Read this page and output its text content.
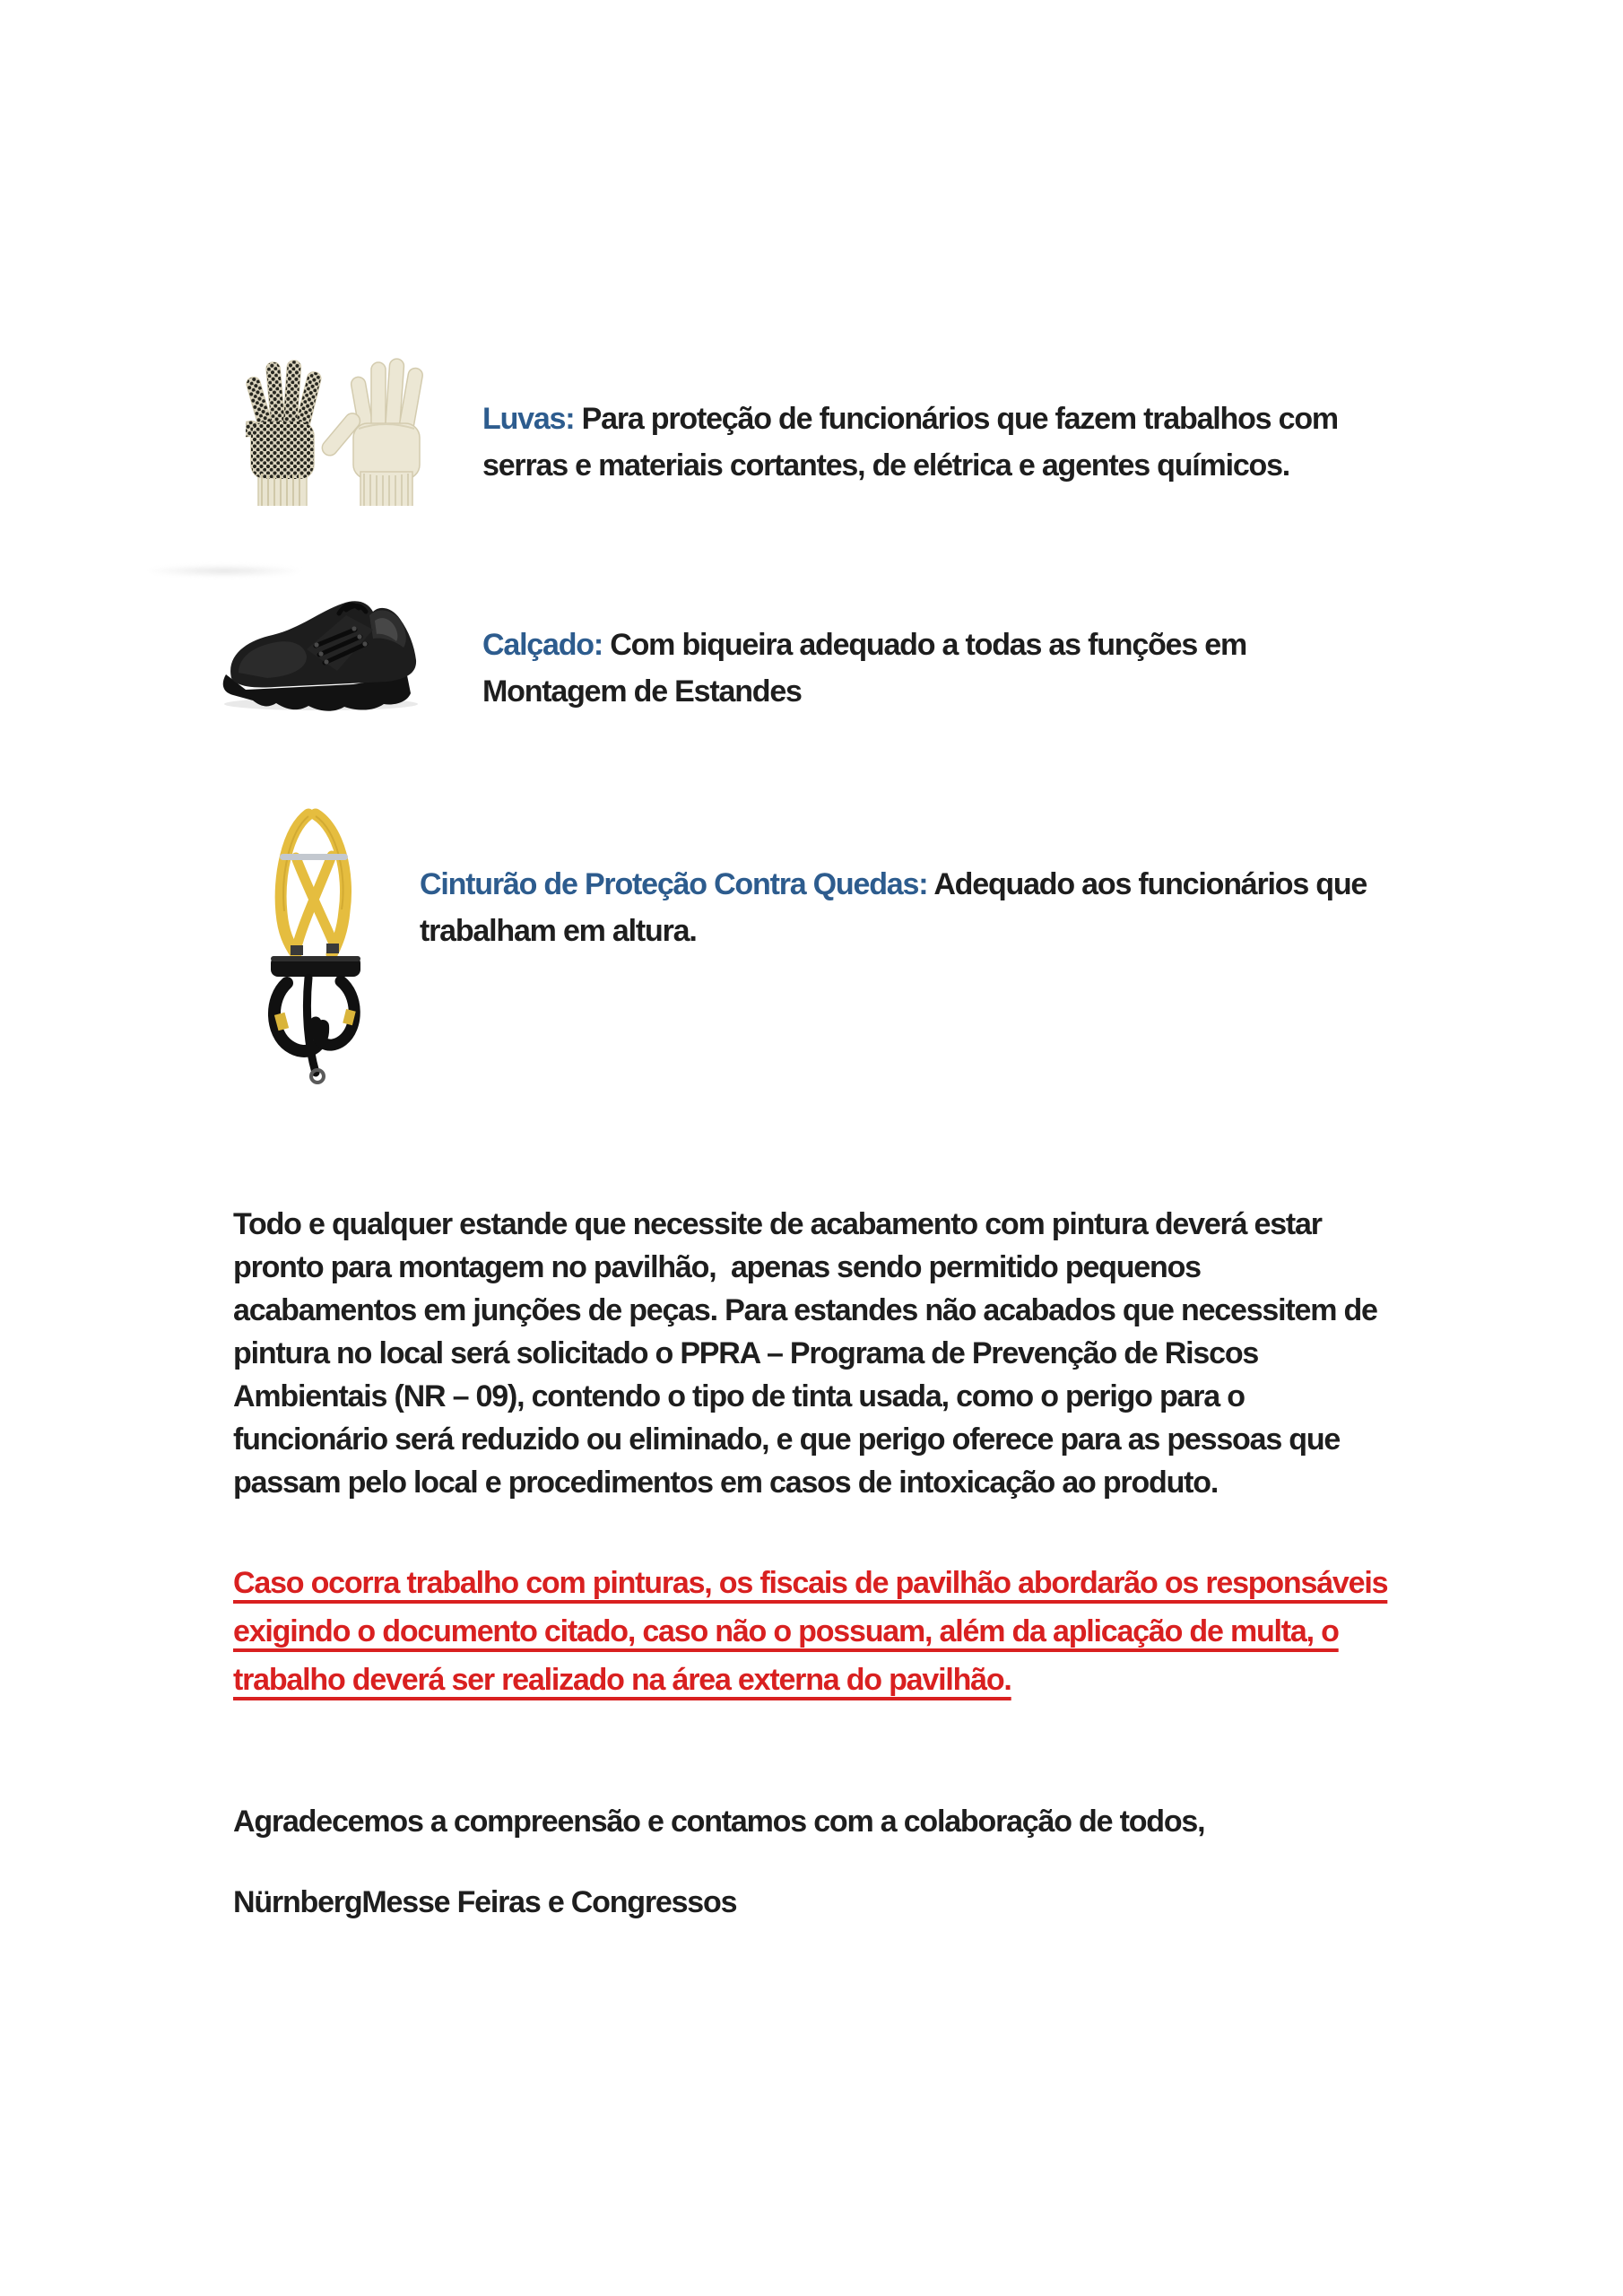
Luvas: Para proteção de funcionários que fazem trabalhos com
serras e materiais cortantes, de elétrica e agentes químicos.
Calçado: Com biqueira adequado a todas as funções em
Montagem de Estandes
Cinturão de Proteção Contra Quedas: Adequado aos funcionários que
trabalham em altura.
Todo e qualquer estande que necessite de acabamento com pintura deverá estar
pronto para montagem no pavilhão,  apenas sendo permitido pequenos
acabamentos em junções de peças. Para estandes não acabados que necessitem de
pintura no local será solicitado o PPRA – Programa de Prevenção de Riscos
Ambientais (NR – 09), contendo o tipo de tinta usada, como o perigo para o
funcionário será reduzido ou eliminado, e que perigo oferece para as pessoas que
passam pelo local e procedimentos em casos de intoxicação ao produto.
Caso ocorra trabalho com pinturas, os fiscais de pavilhão abordarão os responsáveis
exigindo o documento citado, caso não o possuam, além da aplicação de multa, o
trabalho deverá ser realizado na área externa do pavilhão.
Agradecemos a compreensão e contamos com a colaboração de todos,
NürnbergMesse Feiras e Congressos
